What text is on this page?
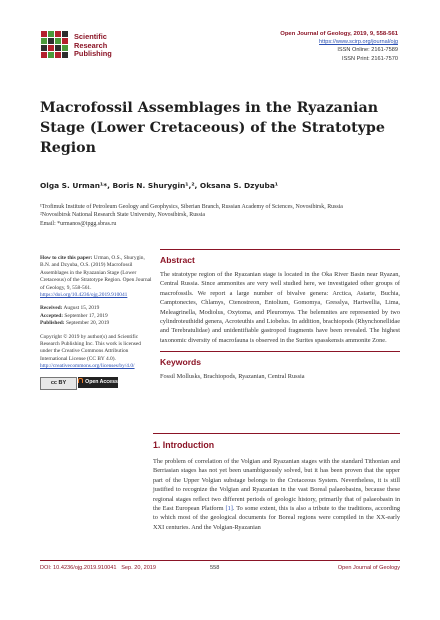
Scientific
Research
Publishing
Open Journal of Geology, 2019, 9, 558-561
https://www.scirp.org/journal/ojg
ISSN Online: 2161-7589
ISSN Print: 2161-7570
Macrofossil Assemblages in the Ryazanian Stage (Lower Cretaceous) of the Stratotype Region
Olga S. Urman¹*, Boris N. Shurygin¹,², Oksana S. Dzyuba¹
¹Trofimuk Institute of Petroleum Geology and Geophysics, Siberian Branch, Russian Academy of Sciences, Novosibirsk, Russia
²Novosibirsk National Research State University, Novosibirsk, Russia
Email: *urmanos@ipgg.sbras.ru

How to cite this paper: Urman, O.S., Shurygin, B.N. and Dzyuba, O.S. (2019) Macrofossil Assemblages in the Ryazanian Stage (Lower Cretaceous) of the Stratotype Region. Open Journal of Geology, 9, 558-561. https://doi.org/10.4236/ojg.2019.910041

Received: August 15, 2019
Accepted: September 17, 2019
Published: September 20, 2019

Copyright © 2019 by author(s) and Scientific Research Publishing Inc. This work is licensed under the Creative Commons Attribution International License (CC BY 4.0).
http://creativecommons.org/licenses/by/4.0/

cc BY	Open Access
Abstract
The stratotype region of the Ryazanian stage is located in the Oka River Basin near Ryazan, Central Russia. Since ammonites are very well studied here, we investigated other groups of macrofossils. We report a large number of bivalve genera: Arctica, Astarte, Buchia, Camptonectes, Chlamys, Ctenostreon, Entolium, Gomomya, Gresslya, Hartwellia, Lima, Meleagrinella, Modiolus, Oxytoma, and Pleuromya. The belemnites are represented by two cylindroteuthidid genera, Acroteuthis and Liobelus. In addition, brachiopods (Rhynchonellidae and Terebratulidae) and unidentifiable gastropod fragments have been revealed. The highest taxonomic diversity of macrofauna is observed in the Surites spasskensis ammonite Zone.
Keywords
Fossil Mollusks, Brachiopods, Ryazanian, Central Russia
1. Introduction
The problem of correlation of the Volgian and Ryazanian stages with the standard Tithonian and Berriasian stages has not yet been unambiguously solved, but it has been proven that the upper part of the Upper Volgian substage belongs to the Cretaceous System. Nevertheless, it is still justified to recognize the Volgian and Ryazanian in the vast Boreal palaeobasins, because these regional stages reflect two different periods of geologic history, primarily that of palaeobasin in the East European Platform [1]. To some extent, this is also a tribute to the traditions, according to which most of the geological documents for Boreal regions were compiled in the XX-early XXI centuries. And the Volgian-Ryazanian
DOI: 10.4236/ojg.2019.910041 Sep. 20, 2019	558	Open Journal of Geology
